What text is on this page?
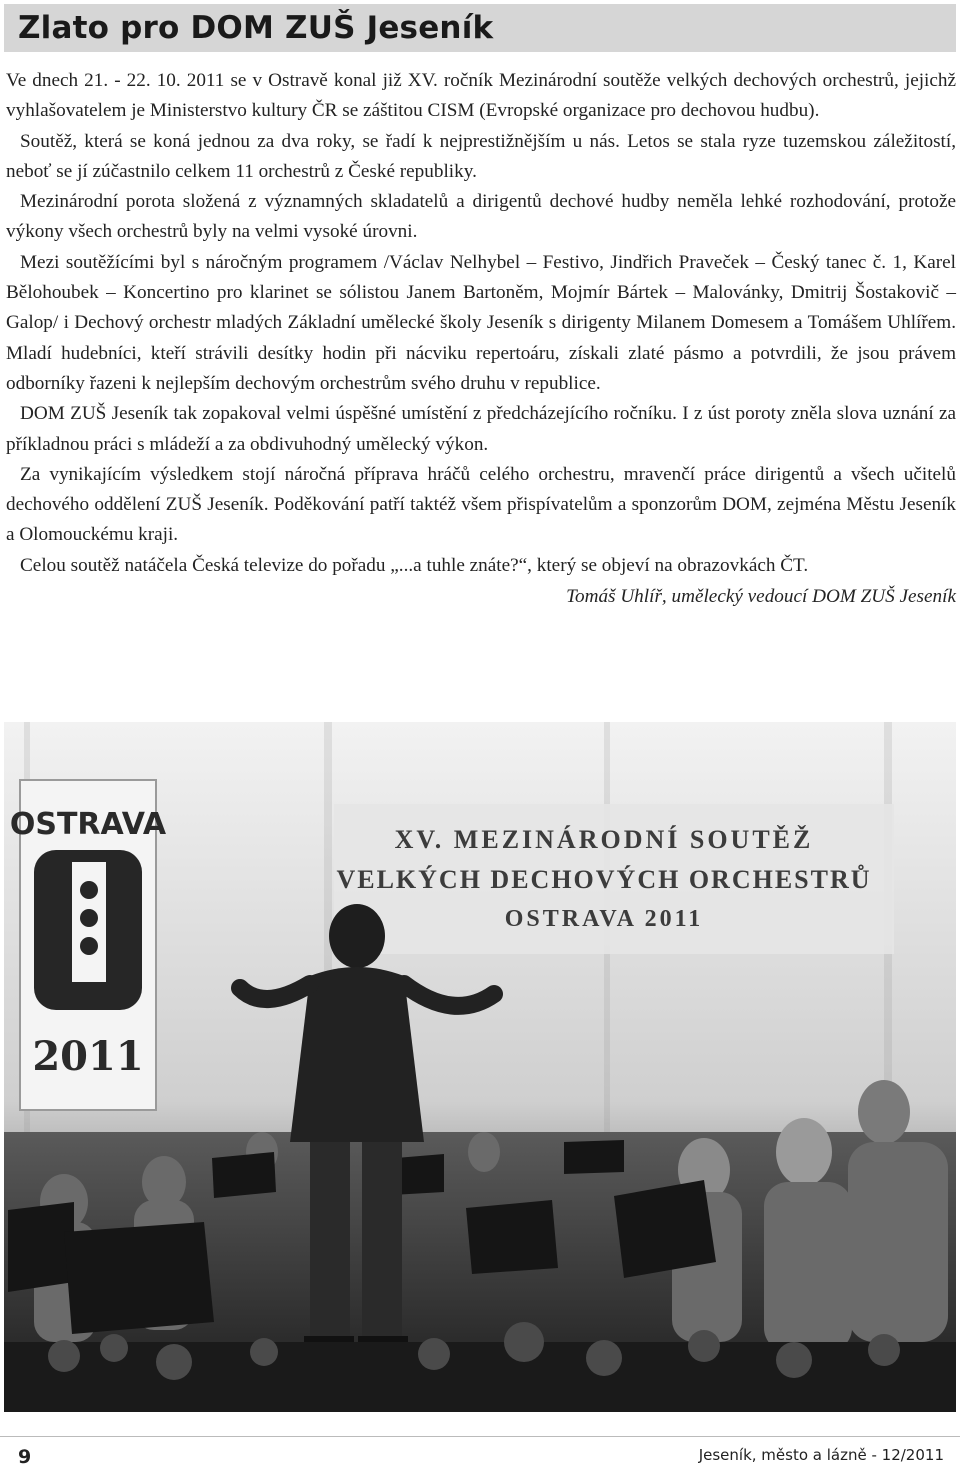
Zlato pro DOM ZUŠ Jeseník

Ve dnech 21. - 22. 10. 2011 se v Ostravě konal již XV. ročník Mezinárodní soutěže velkých dechových orchestrů, jejichž vyhlašovatelem je Ministerstvo kultury ČR se záštitou CISM (Evropské organizace pro dechovou hudbu).

Soutěž, která se koná jednou za dva roky, se řadí k nejprestižnějším u nás. Letos se stala ryze tuzemskou záležitostí, neboť se jí zúčastnilo celkem 11 orchestrů z České republiky.

Mezinárodní porota složená z významných skladatelů a dirigentů dechové hudby neměla lehké rozhodování, protože výkony všech orchestrů byly na velmi vysoké úrovni.

Mezi soutěžícími byl s náročným programem /Václav Nelhybel – Festivo, Jindřich Praveček – Český tanec č. 1, Karel Bělohoubek – Koncertino pro klarinet se sólistou Janem Bartoněm, Mojmír Bártek – Malovánky, Dmitrij Šostakovič – Galop/ i Dechový orchestr mladých Základní umělecké školy Jeseník s dirigenty Milanem Domesem a Tomášem Uhlířem. Mladí hudebníci, kteří strávili desítky hodin při nácviku repertoáru, získali zlaté pásmo a potvrdili, že jsou právem odborníky řazeni k nejlepším dechovým orchestrům svého druhu v republice.

DOM ZUŠ Jeseník tak zopakoval velmi úspěšné umístění z předcházejícího ročníku. I z úst poroty zněla slova uznání za příkladnou práci s mládeží a za obdivuhodný umělecký výkon.

Za vynikajícím výsledkem stojí náročná příprava hráčů celého orchestru, mravenčí práce dirigentů a všech učitelů dechového oddělení ZUŠ Jeseník. Poděkování patří taktéž všem přispívatelům a sponzorům DOM, zejména Městu Jeseník a Olomouckému kraji.

Celou soutěž natáčela Česká televize do pořadu „...a tuhle znáte?“, který se objeví na obrazovkách ČT.

Tomáš Uhlíř, umělecký vedoucí DOM ZUŠ Jeseník
OSTRAVA
2011
XV. MEZINÁRODNÍ SOUTĚŽ
VELKÝCH DECHOVÝCH ORCHESTRŮ
OSTRAVA 2011
9	Jeseník, město a lázně - 12/2011
